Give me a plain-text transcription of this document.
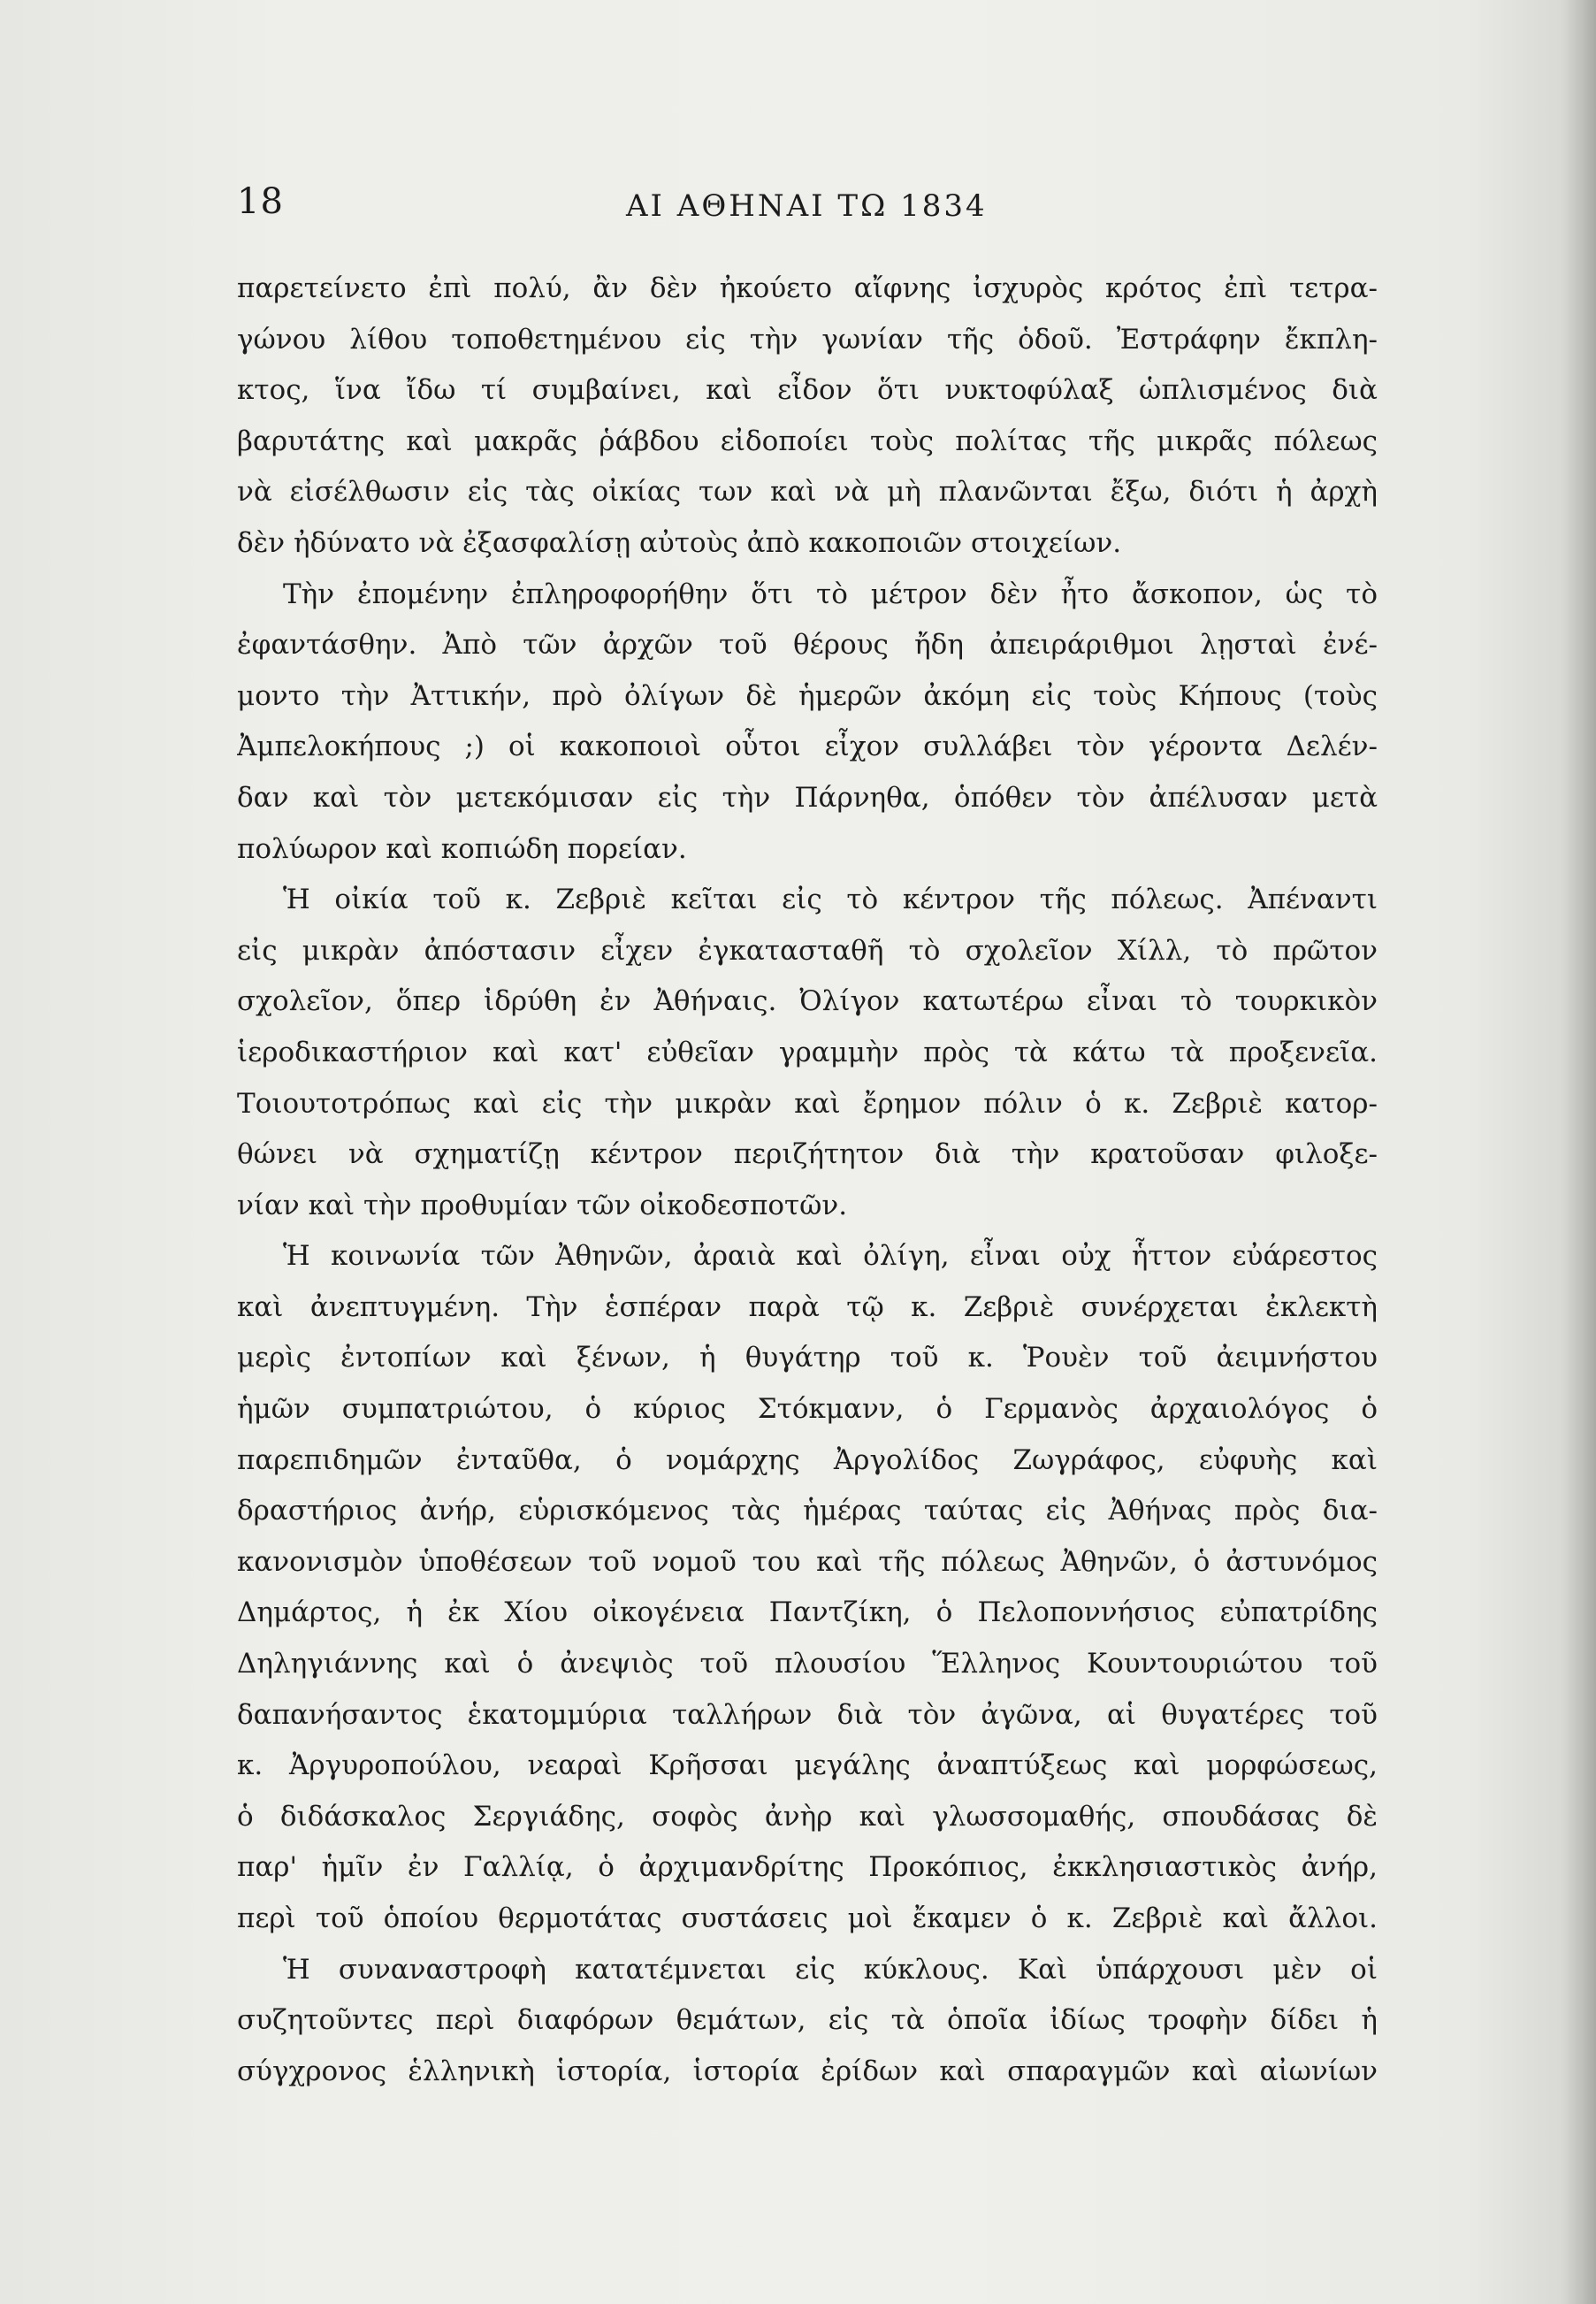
18	ΑΙ ΑΘΗΝΑΙ ΤΩ 1834
παρετείνετο ἐπὶ πολύ, ἂν δὲν ἠκούετο αἴφνης ἰσχυρὸς κρότος ἐπὶ τετρα-
γώνου λίθου τοποθετημένου εἰς τὴν γωνίαν τῆς ὁδοῦ. Ἐστράφην ἔκπλη-
κτος, ἵνα ἴδω τί συμβαίνει, καὶ εἶδον ὅτι νυκτοφύλαξ ὡπλισμένος διὰ
βαρυτάτης καὶ μακρᾶς ῥάβδου εἰδοποίει τοὺς πολίτας τῆς μικρᾶς πόλεως
νὰ εἰσέλθωσιν εἰς τὰς οἰκίας των καὶ νὰ μὴ πλανῶνται ἔξω, διότι ἡ ἀρχὴ
δὲν ἠδύνατο νὰ ἐξασφαλίσῃ αὐτοὺς ἀπὸ κακοποιῶν στοιχείων.
Τὴν ἐπομένην ἐπληροφορήθην ὅτι τὸ μέτρον δὲν ἦτο ἄσκοπον, ὡς τὸ
ἐφαντάσθην. Ἀπὸ τῶν ἀρχῶν τοῦ θέρους ἤδη ἀπειράριθμοι λῃσταὶ ἐνέ-
μοντο τὴν Ἀττικήν, πρὸ ὀλίγων δὲ ἡμερῶν ἀκόμη εἰς τοὺς Κήπους (τοὺς
Ἀμπελοκήπους ;) οἱ κακοποιοὶ οὗτοι εἶχον συλλάβει τὸν γέροντα Δελέν-
δαν καὶ τὸν μετεκόμισαν εἰς τὴν Πάρνηθα, ὁπόθεν τὸν ἀπέλυσαν μετὰ
πολύωρον καὶ κοπιώδη πορείαν.
Ἡ οἰκία τοῦ κ. Ζεβριὲ κεῖται εἰς τὸ κέντρον τῆς πόλεως. Ἀπέναντι
εἰς μικρὰν ἀπόστασιν εἶχεν ἐγκατασταθῆ τὸ σχολεῖον Χίλλ, τὸ πρῶτον
σχολεῖον, ὅπερ ἱδρύθη ἐν Ἀθήναις. Ὀλίγον κατωτέρω εἶναι τὸ τουρκικὸν
ἱεροδικαστήριον καὶ κατ' εὐθεῖαν γραμμὴν πρὸς τὰ κάτω τὰ προξενεῖα.
Τοιουτοτρόπως καὶ εἰς τὴν μικρὰν καὶ ἔρημον πόλιν ὁ κ. Ζεβριὲ κατορ-
θώνει νὰ σχηματίζῃ κέντρον περιζήτητον διὰ τὴν κρατοῦσαν φιλοξε-
νίαν καὶ τὴν προθυμίαν τῶν οἰκοδεσποτῶν.
Ἡ κοινωνία τῶν Ἀθηνῶν, ἀραιὰ καὶ ὀλίγη, εἶναι οὐχ ἧττον εὐάρεστος
καὶ ἀνεπτυγμένη. Τὴν ἑσπέραν παρὰ τῷ κ. Ζεβριὲ συνέρχεται ἐκλεκτὴ
μερὶς ἐντοπίων καὶ ξένων, ἡ θυγάτηρ τοῦ κ. Ῥουὲν τοῦ ἀειμνήστου
ἡμῶν συμπατριώτου, ὁ κύριος Στόκμανν, ὁ Γερμανὸς ἀρχαιολόγος ὁ
παρεπιδημῶν ἐνταῦθα, ὁ νομάρχης Ἀργολίδος Ζωγράφος, εὐφυὴς καὶ
δραστήριος ἀνήρ, εὑρισκόμενος τὰς ἡμέρας ταύτας εἰς Ἀθήνας πρὸς δια-
κανονισμὸν ὑποθέσεων τοῦ νομοῦ του καὶ τῆς πόλεως Ἀθηνῶν, ὁ ἀστυνόμος
Δημάρτος, ἡ ἐκ Χίου οἰκογένεια Παντζίκη, ὁ Πελοποννήσιος εὐπατρίδης
Δηληγιάννης καὶ ὁ ἀνεψιὸς τοῦ πλουσίου Ἕλληνος Κουντουριώτου τοῦ
δαπανήσαντος ἑκατομμύρια ταλλήρων διὰ τὸν ἀγῶνα, αἱ θυγατέρες τοῦ
κ. Ἀργυροπούλου, νεαραὶ Κρῆσσαι μεγάλης ἀναπτύξεως καὶ μορφώσεως,
ὁ διδάσκαλος Σεργιάδης, σοφὸς ἀνὴρ καὶ γλωσσομαθής, σπουδάσας δὲ
παρ' ἡμῖν ἐν Γαλλίᾳ, ὁ ἀρχιμανδρίτης Προκόπιος, ἐκκλησιαστικὸς ἀνήρ,
περὶ τοῦ ὁποίου θερμοτάτας συστάσεις μοὶ ἔκαμεν ὁ κ. Ζεβριὲ καὶ ἄλλοι.
Ἡ συναναστροφὴ κατατέμνεται εἰς κύκλους. Καὶ ὑπάρχουσι μὲν οἱ
συζητοῦντες περὶ διαφόρων θεμάτων, εἰς τὰ ὁποῖα ἰδίως τροφὴν δίδει ἡ
σύγχρονος ἑλληνικὴ ἱστορία, ἱστορία ἐρίδων καὶ σπαραγμῶν καὶ αἰωνίων
